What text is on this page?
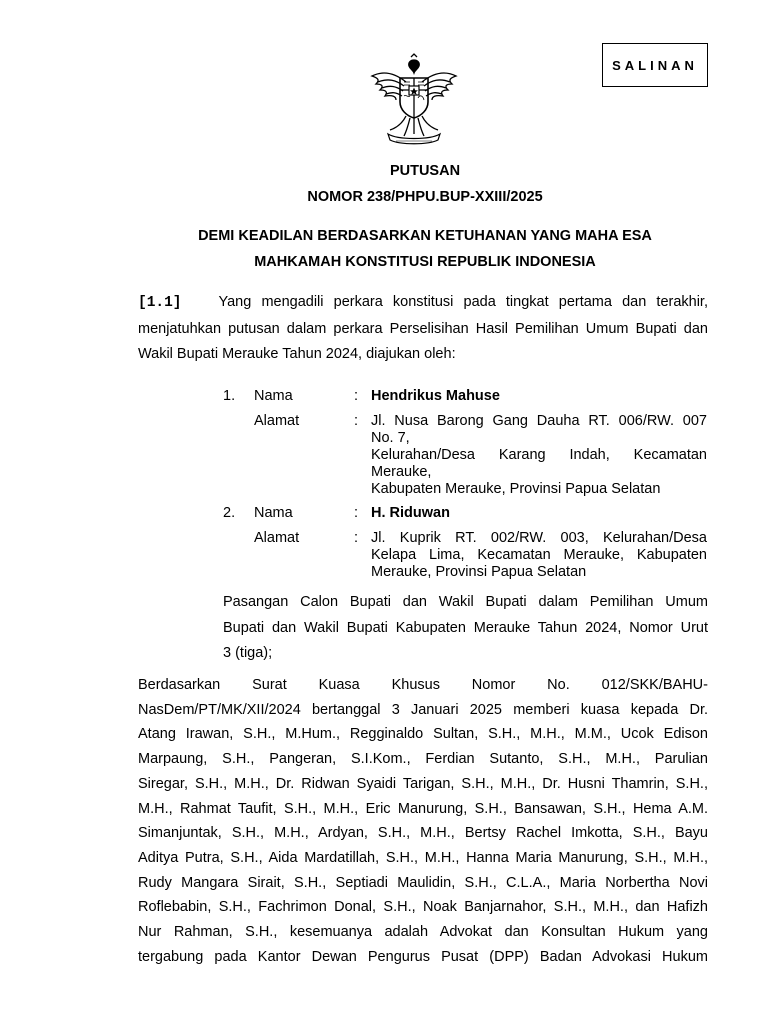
SALINAN
PUTUSAN
NOMOR 238/PHPU.BUP-XXIII/2025
DEMI KEADILAN BERDASARKAN KETUHANAN YANG MAHA ESA
MAHKAMAH KONSTITUSI REPUBLIK INDONESIA
[1.1]	Yang mengadili perkara konstitusi pada tingkat pertama dan terakhir,
menjatuhkan putusan dalam perkara Perselisihan Hasil Pemilihan Umum Bupati dan
Wakil Bupati Merauke Tahun 2024, diajukan oleh:
1. Nama	: Hendrikus Mahuse
Alamat	: Jl. Nusa Barong Gang Dauha RT. 006/RW. 007
No. 7,
Kelurahan/Desa Karang Indah, Kecamatan
Merauke,
Kabupaten Merauke, Provinsi Papua Selatan
2. Nama	: H. Riduwan
Alamat	: Jl. Kuprik RT. 002/RW. 003, Kelurahan/Desa
Kelapa Lima, Kecamatan Merauke, Kabupaten
Merauke, Provinsi Papua Selatan
Pasangan Calon Bupati dan Wakil Bupati dalam Pemilihan Umum
Bupati dan Wakil Bupati Kabupaten Merauke Tahun 2024, Nomor Urut
3 (tiga);
Berdasarkan Surat Kuasa Khusus Nomor No. 012/SKK/BAHU-
NasDem/PT/MK/XII/2024 bertanggal 3 Januari 2025 memberi kuasa kepada Dr.
Atang Irawan, S.H., M.Hum., Regginaldo Sultan, S.H., M.H., M.M., Ucok Edison
Marpaung, S.H., Pangeran, S.I.Kom., Ferdian Sutanto, S.H., M.H., Parulian
Siregar, S.H., M.H., Dr. Ridwan Syaidi Tarigan, S.H., M.H., Dr. Husni Thamrin, S.H.,
M.H., Rahmat Taufit, S.H., M.H., Eric Manurung, S.H., Bansawan, S.H., Hema A.M.
Simanjuntak, S.H., M.H., Ardyan, S.H., M.H., Bertsy Rachel Imkotta, S.H., Bayu
Aditya Putra, S.H., Aida Mardatillah, S.H., M.H., Hanna Maria Manurung, S.H., M.H.,
Rudy Mangara Sirait, S.H., Septiadi Maulidin, S.H., C.L.A., Maria Norbertha Novi
Roflebabin, S.H., Fachrimon Donal, S.H., Noak Banjarnahor, S.H., M.H., dan Hafizh
Nur Rahman, S.H., kesemuanya adalah Advokat dan Konsultan Hukum yang
tergabung pada Kantor Dewan Pengurus Pusat (DPP) Badan Advokasi Hukum
